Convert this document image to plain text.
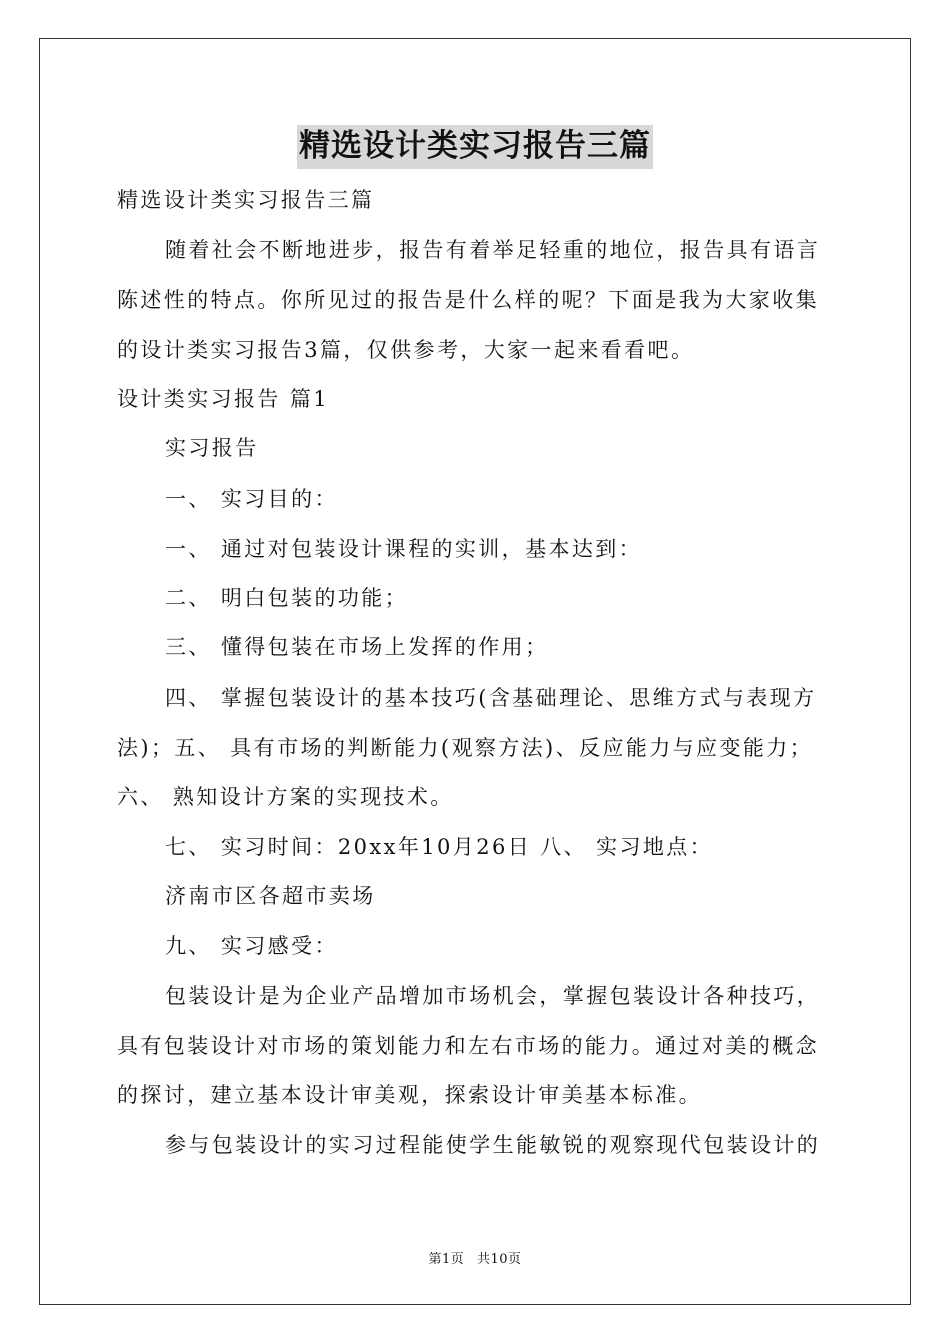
精选设计类实习报告三篇
精选设计类实习报告三篇
随着社会不断地进步，报告有着举足轻重的地位，报告具有语言
陈述性的特点。你所见过的报告是什么样的呢？下面是我为大家收集
的设计类实习报告3篇，仅供参考，大家一起来看看吧。
设计类实习报告 篇1
实习报告
一、 实习目的：
一、 通过对包装设计课程的实训，基本达到：
二、 明白包装的功能；
三、 懂得包装在市场上发挥的作用；
四、 掌握包装设计的基本技巧(含基础理论、思维方式与表现方
法)；五、 具有市场的判断能力(观察方法)、反应能力与应变能力；
六、 熟知设计方案的实现技术。
七、 实习时间：20xx年10月26日 八、 实习地点：
济南市区各超市卖场
九、 实习感受：
包装设计是为企业产品增加市场机会，掌握包装设计各种技巧，
具有包装设计对市场的策划能力和左右市场的能力。通过对美的概念
的探讨，建立基本设计审美观，探索设计审美基本标准。
参与包装设计的实习过程能使学生能敏锐的观察现代包装设计的
第1页 共10页
